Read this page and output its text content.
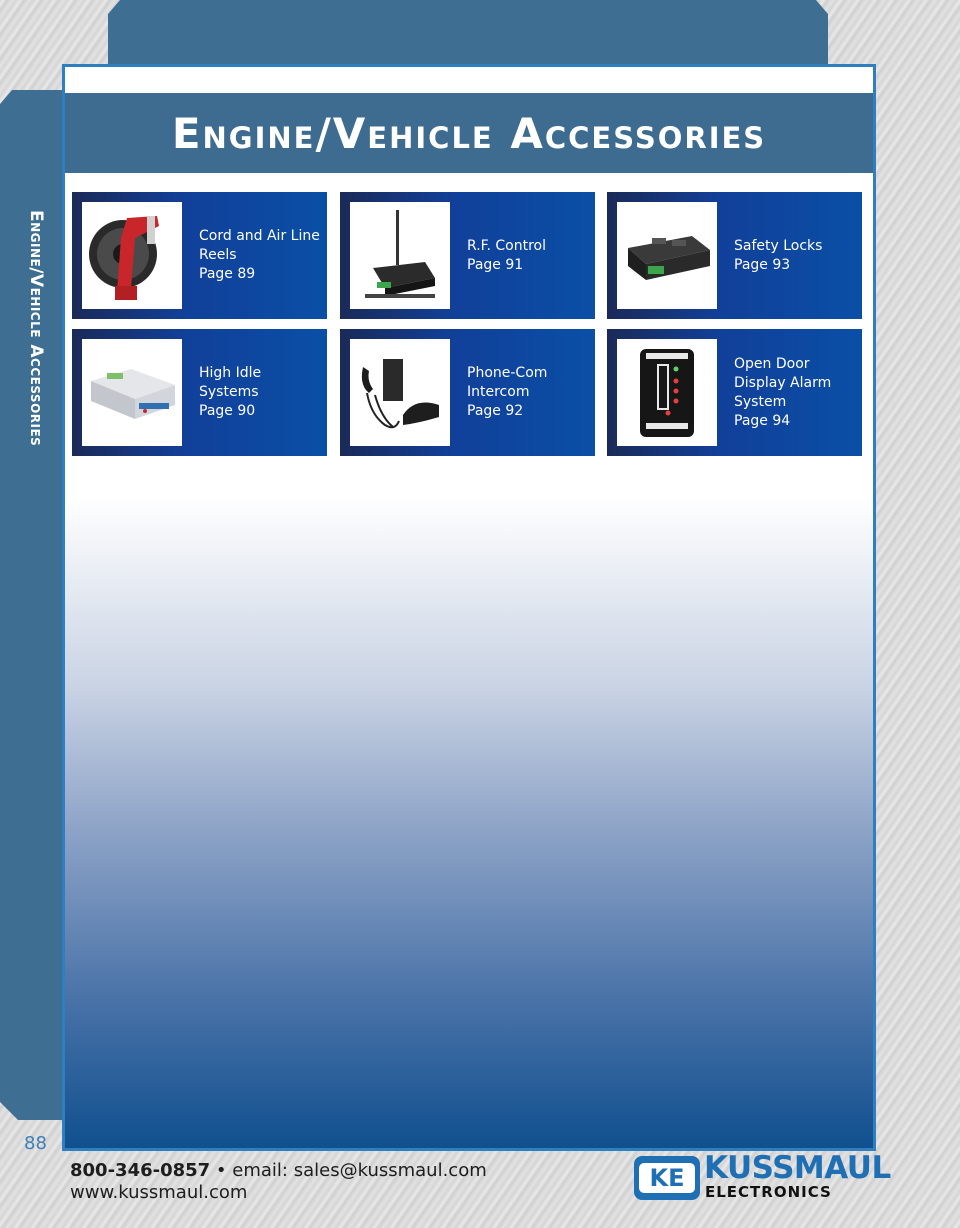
Engine/Vehicle Accessories
Engine/Vehicle Accessories
Cord and Air Line
Reels
Page 89
R.F. Control
Page 91
Safety Locks
Page 93
High Idle
Systems
Page 90
Phone-Com
Intercom
Page 92
Open Door
Display Alarm
System
Page 94
88
800-346-0857 • email: sales@kussmaul.com
www.kussmaul.com
KE KUSSMAUL
ELECTRONICS
